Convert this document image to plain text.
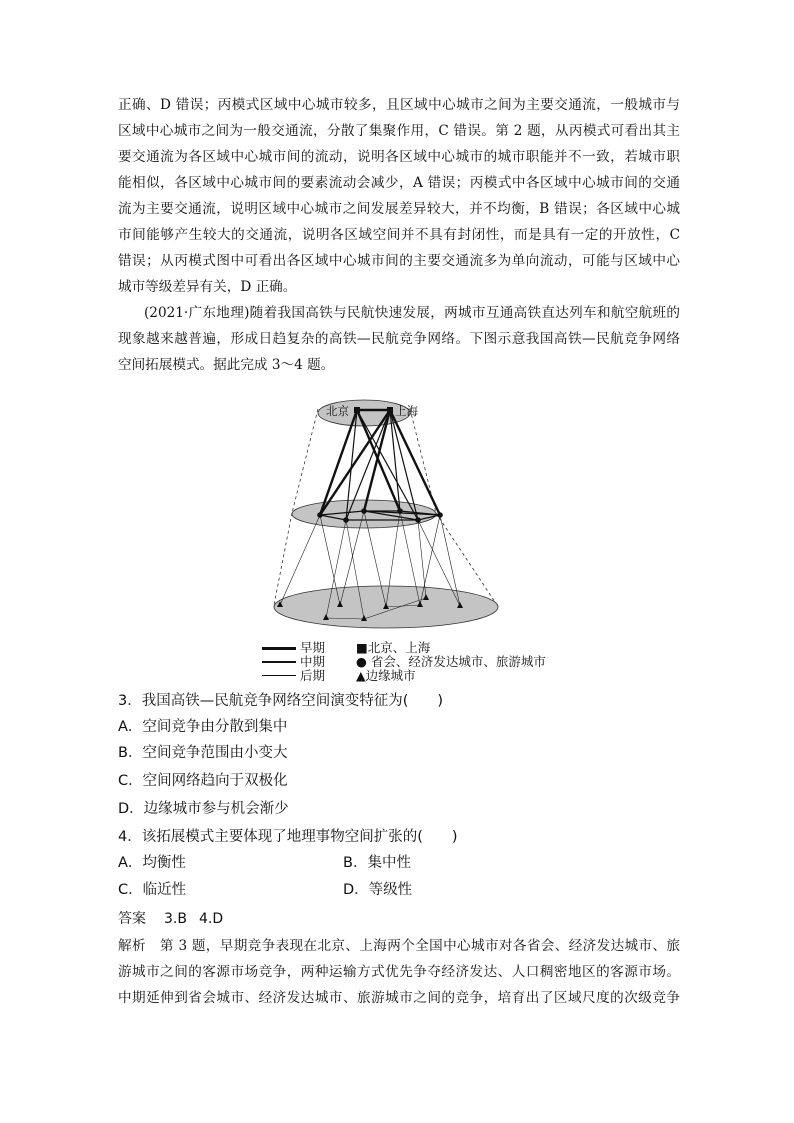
正确、D 错误；丙模式区域中心城市较多，且区域中心城市之间为主要交通流，一般城市与
区域中心城市之间为一般交通流，分散了集聚作用，C 错误。第 2 题，从丙模式可看出其主
要交通流为各区域中心城市间的流动，说明各区域中心城市的城市职能并不一致，若城市职
能相似，各区域中心城市间的要素流动会减少，A 错误；丙模式中各区域中心城市间的交通
流为主要交通流，说明区域中心城市之间发展差异较大，并不均衡，B 错误；各区域中心城
市间能够产生较大的交通流，说明各区域空间并不具有封闭性，而是具有一定的开放性，C
错误；从丙模式图中可看出各区域中心城市间的主要交通流多为单向流动，可能与区域中心
城市等级差异有关，D 正确。
(2021·广东地理)随着我国高铁与民航快速发展，两城市互通高铁直达列车和航空航班的
现象越来越普遍，形成日趋复杂的高铁—民航竞争网络。下图示意我国高铁—民航竞争网络
空间拓展模式。据此完成 3～4 题。
北京	上海
早期
中期
后期
■北京、上海
● 省会、经济发达城市、旅游城市
▲边缘城市
3．我国高铁—民航竞争网络空间演变特征为(　　)
A．空间竞争由分散到集中
B．空间竞争范围由小变大
C．空间网络趋向于双极化
D．边缘城市参与机会渐少
4．该拓展模式主要体现了地理事物空间扩张的(　　)
A．均衡性	B．集中性
C．临近性	D．等级性
答案 3.B 4.D
解析　第 3 题，早期竞争表现在北京、上海两个全国中心城市对各省会、经济发达城市、旅
游城市之间的客源市场竞争，两种运输方式优先争夺经济发达、人口稠密地区的客源市场。
中期延伸到省会城市、经济发达城市、旅游城市之间的竞争，培育出了区域尺度的次级竞争
